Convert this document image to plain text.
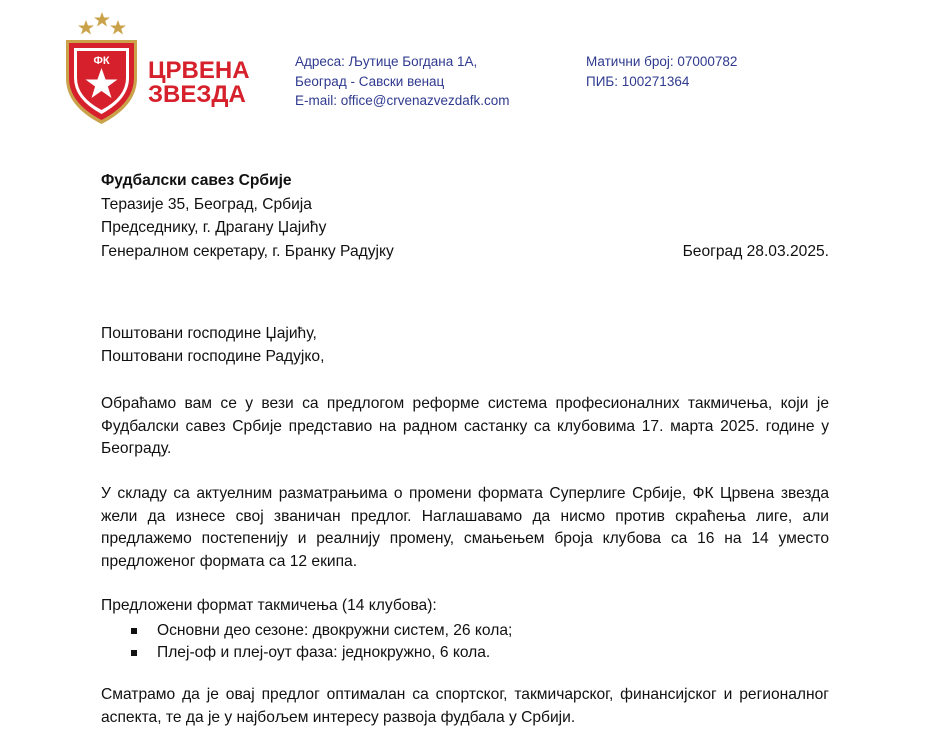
ФК ЦРВЕНА
ЗВЕЗДА
Адреса: Љутице Богдана 1А,
Београд - Савски венац
E-mail: office@crvenazvezdafk.com
Матични број: 07000782
ПИБ: 100271364
Фудбалски савез Србије
Теразије 35, Београд, Србија
Председнику, г. Драгану Џајићу
Генералном секретару, г. Бранку Радујку	Београд 28.03.2025.
Поштовани господине Џајићу,
Поштовани господине Радујко,
Обраћамо вам се у вези са предлогом реформе система професионалних такмичења, који је Фудбалски савез Србије представио на радном састанку са клубовима 17. марта 2025. године у Београду.
У складу са актуелним разматрањима о промени формата Суперлиге Србије, ФК Црвена звезда жели да изнесе свој званичан предлог. Наглашавамо да нисмо против скраћења лиге, али предлажемо постепенију и реалнију промену, смањењем броја клубова са 16 на 14 уместо предложеног формата са 12 екипа.
Предложени формат такмичења (14 клубова):
Основни део сезоне: двокружни систем, 26 кола;
Плеј-оф и плеј-оут фаза: једнокружно, 6 кола.
Сматрамо да је овај предлог оптималан са спортског, такмичарског, финансијског и регионалног аспекта, те да је у најбољем интересу развоја фудбала у Србији.
